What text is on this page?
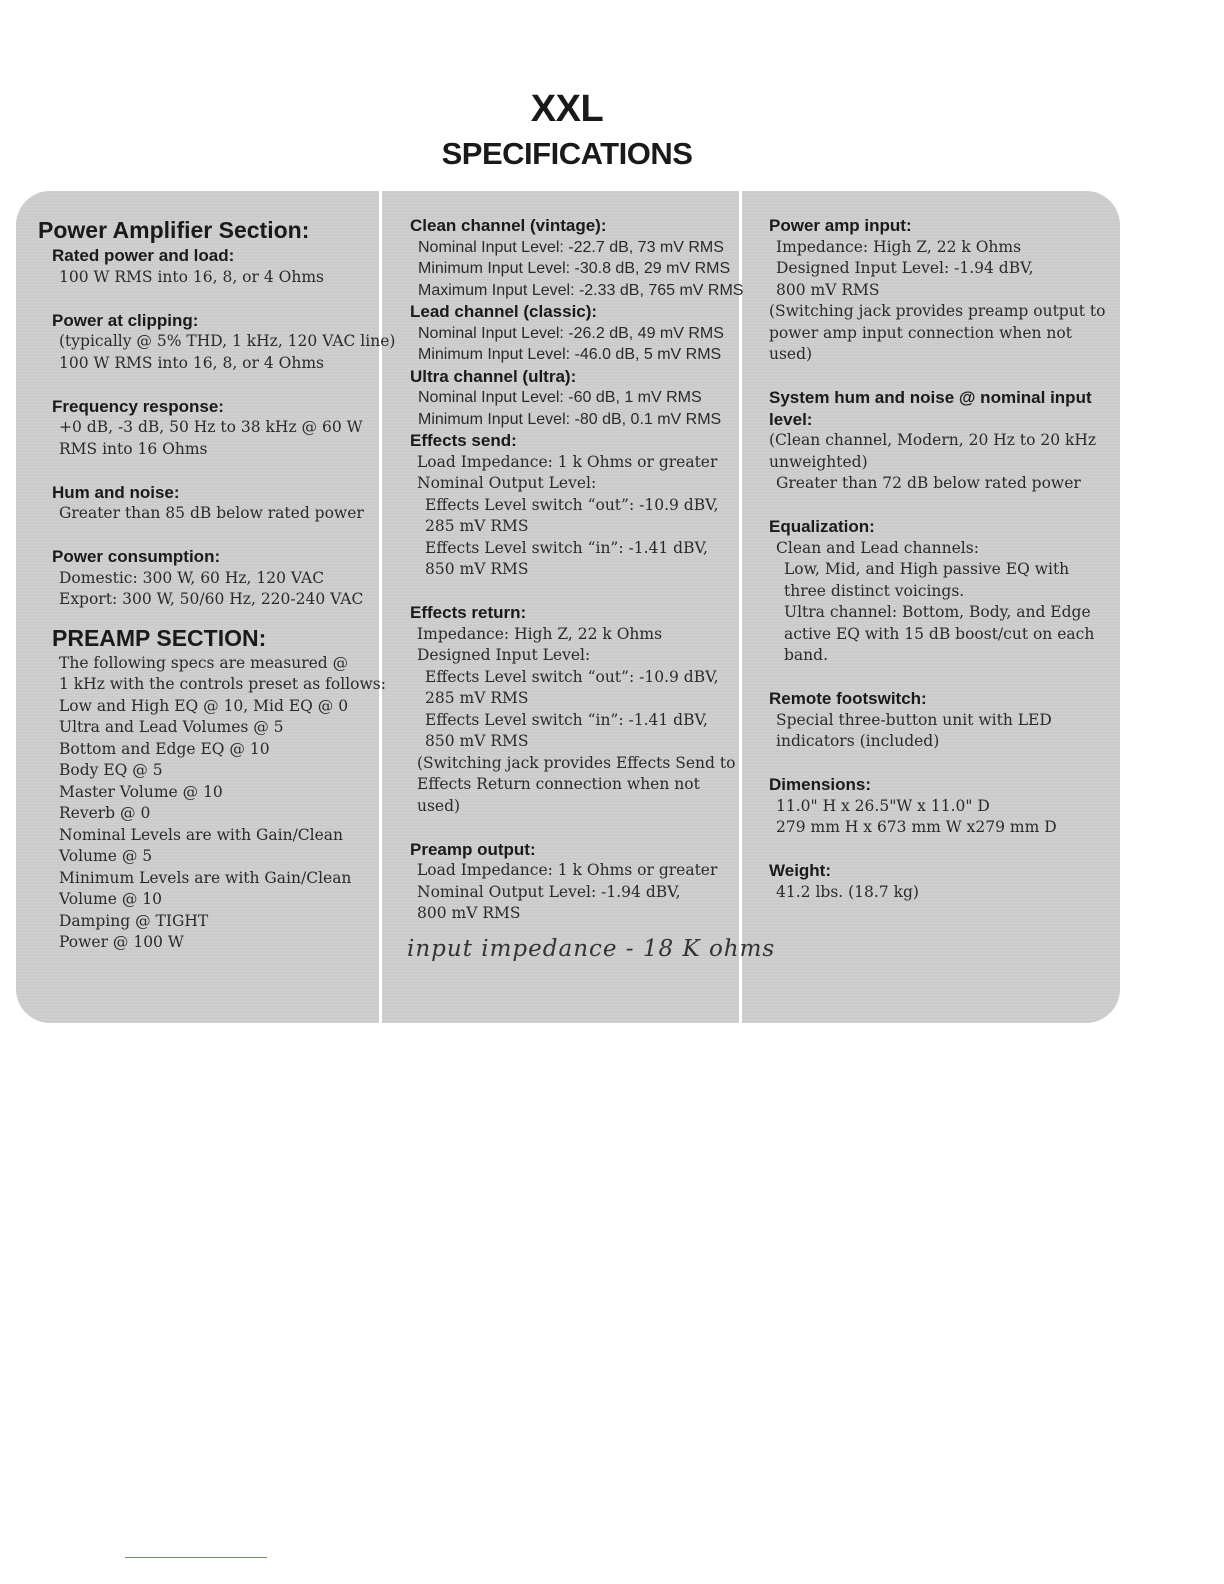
XXL
SPECIFICATIONS
Power Amplifier Section:
Rated power and load:
100 W RMS into 16, 8, or 4 Ohms
Power at clipping:
(typically @ 5% THD, 1 kHz, 120 VAC line)
100 W RMS into 16, 8, or 4 Ohms
Frequency response:
+0 dB, -3 dB, 50 Hz to 38 kHz @ 60 W
RMS into 16 Ohms
Hum and noise:
Greater than 85 dB below rated power
Power consumption:
Domestic: 300 W, 60 Hz, 120 VAC
Export: 300 W, 50/60 Hz, 220-240 VAC
PREAMP SECTION:
The following specs are measured @
1 kHz with the controls preset as follows:
Low and High EQ @ 10, Mid EQ @ 0
Ultra and Lead Volumes @ 5
Bottom and Edge EQ @ 10
Body EQ @ 5
Master Volume @ 10
Reverb @ 0
Nominal Levels are with Gain/Clean
Volume @ 5
Minimum Levels are with Gain/Clean
Volume @ 10
Damping @ TIGHT
Power @ 100 W
Clean channel (vintage):
Nominal Input Level: -22.7 dB, 73 mV RMS
Minimum Input Level: -30.8 dB, 29 mV RMS
Maximum Input Level: -2.33 dB, 765 mV RMS
Lead channel (classic):
Nominal Input Level: -26.2 dB, 49 mV RMS
Minimum Input Level: -46.0 dB, 5 mV RMS
Ultra channel (ultra):
Nominal Input Level: -60 dB, 1 mV RMS
Minimum Input Level: -80 dB, 0.1 mV RMS
Effects send:
Load Impedance: 1 k Ohms or greater
Nominal Output Level:
Effects Level switch “out”: -10.9 dBV,
285 mV RMS
Effects Level switch “in”: -1.41 dBV,
850 mV RMS
Effects return:
Impedance: High Z, 22 k Ohms
Designed Input Level:
Effects Level switch “out”: -10.9 dBV,
285 mV RMS
Effects Level switch “in”: -1.41 dBV,
850 mV RMS
(Switching jack provides Effects Send to
Effects Return connection when not
used)
Preamp output:
Load Impedance: 1 k Ohms or greater
Nominal Output Level: -1.94 dBV,
800 mV RMS
Power amp input:
Impedance: High Z, 22 k Ohms
Designed Input Level: -1.94 dBV,
800 mV RMS
(Switching jack provides preamp output to
power amp input connection when not
used)
System hum and noise @ nominal input
level:
(Clean channel, Modern, 20 Hz to 20 kHz
unweighted)
Greater than 72 dB below rated power
Equalization:
Clean and Lead channels:
Low, Mid, and High passive EQ with
three distinct voicings.
Ultra channel: Bottom, Body, and Edge
active EQ with 15 dB boost/cut on each
band.
Remote footswitch:
Special three-button unit with LED
indicators (included)
Dimensions:
11.0" H x 26.5"W x 11.0" D
279 mm H x 673 mm W x279 mm D
Weight:
41.2 lbs. (18.7 kg)
input impedance - 18 K ohms
